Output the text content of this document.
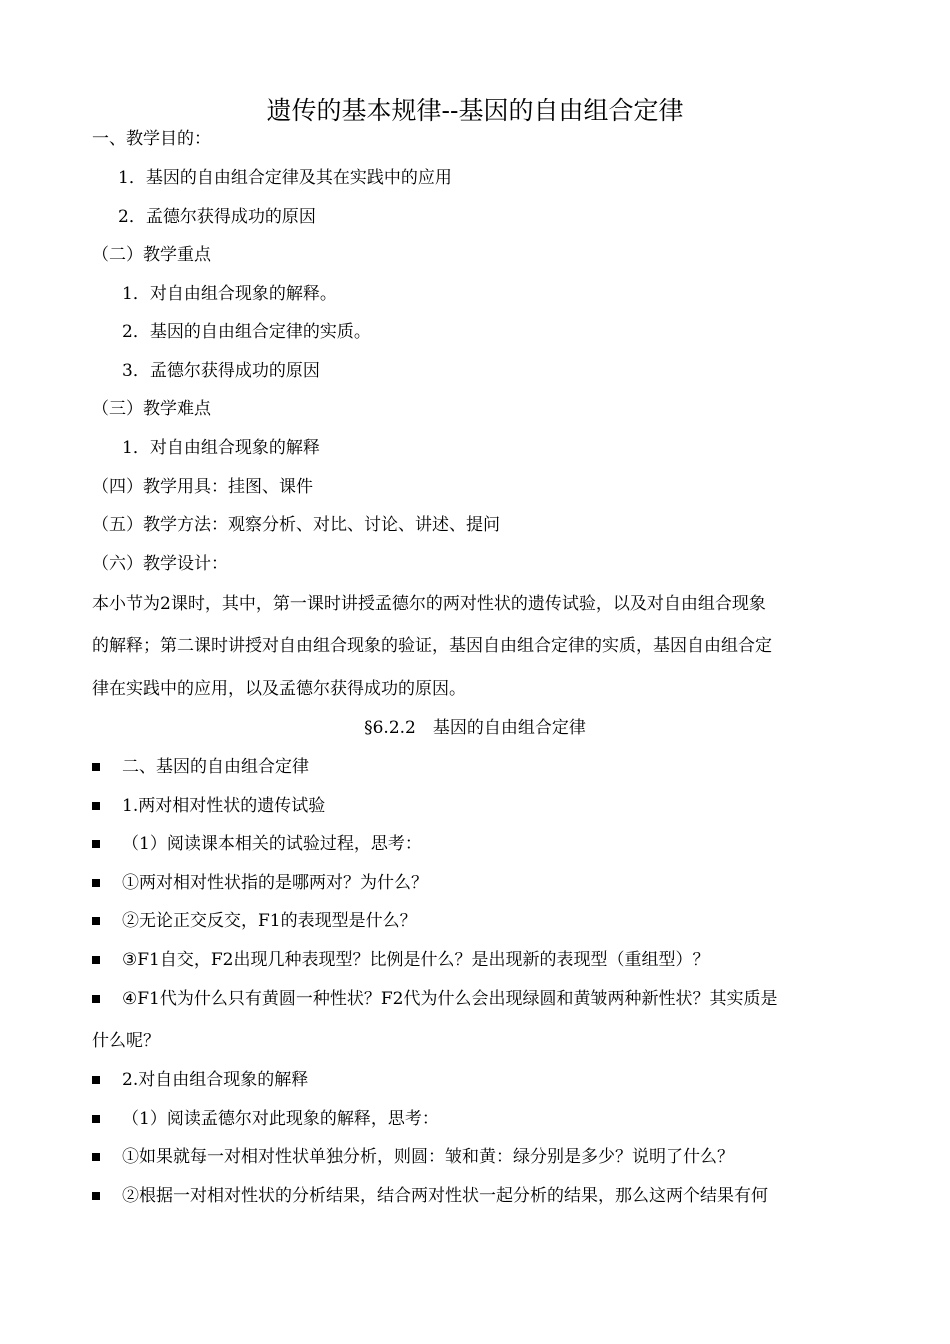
遗传的基本规律--基因的自由组合定律
一、教学目的：
1．基因的自由组合定律及其在实践中的应用
2．孟德尔获得成功的原因
（二）教学重点
1．对自由组合现象的解释。
2．基因的自由组合定律的实质。
3．孟德尔获得成功的原因
（三）教学难点
1．对自由组合现象的解释
（四）教学用具：挂图、课件
（五）教学方法：观察分析、对比、讨论、讲述、提问
（六）教学设计：
本小节为2课时，其中，第一课时讲授孟德尔的两对性状的遗传试验，以及对自由组合现象
的解释；第二课时讲授对自由组合现象的验证，基因自由组合定律的实质，基因自由组合定
律在实践中的应用，以及孟德尔获得成功的原因。
§6.2.2　基因的自由组合定律
二、基因的自由组合定律
1.两对相对性状的遗传试验
（1）阅读课本相关的试验过程，思考：
①两对相对性状指的是哪两对？为什么？
②无论正交反交，F1的表现型是什么？
③F1自交，F2出现几种表现型？比例是什么？是出现新的表现型（重组型）？
④F1代为什么只有黄圆一种性状？F2代为什么会出现绿圆和黄皱两种新性状？其实质是
什么呢？
2.对自由组合现象的解释
（1）阅读孟德尔对此现象的解释，思考：
①如果就每一对相对性状单独分析，则圆：皱和黄：绿分别是多少？说明了什么？
②根据一对相对性状的分析结果，结合两对性状一起分析的结果，那么这两个结果有何
